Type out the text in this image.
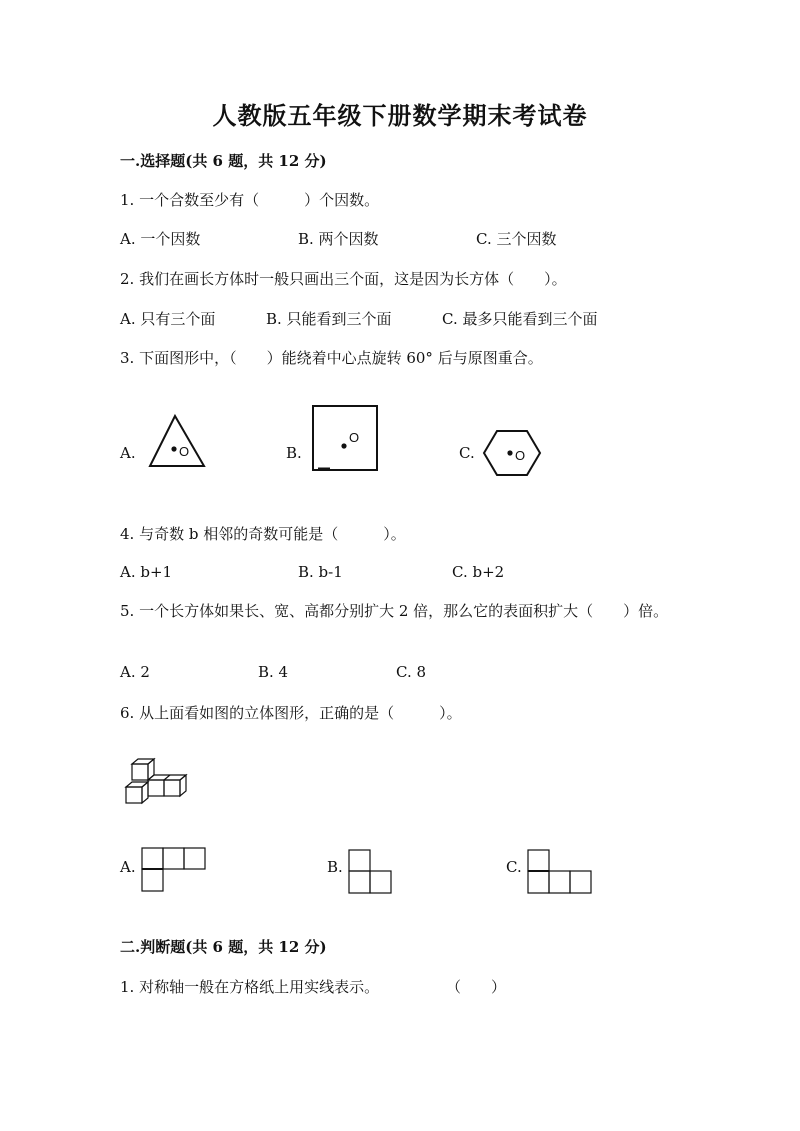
人教版五年级下册数学期末考试卷
一.选择题(共 6 题，共 12 分)
1. 一个合数至少有（　　　）个因数。
A. 一个因数	B. 两个因数	C. 三个因数
2. 我们在画长方体时一般只画出三个面，这是因为长方体（　　）。
A. 只有三个面	B. 只能看到三个面	C. 最多只能看到三个面
3. 下面图形中，（　　）能绕着中心点旋转 60° 后与原图重合。
A.	O	B.
O
C.	O
4. 与奇数 b 相邻的奇数可能是（　　　）。
A. b+1	B. b-1	C. b+2
5. 一个长方体如果长、宽、高都分别扩大 2 倍，那么它的表面积扩大（　　）倍。
A. 2	B. 4	C. 8
6. 从上面看如图的立体图形，正确的是（　　　）。
A.	B.	C.
二.判断题(共 6 题，共 12 分)
1. 对称轴一般在方格纸上用实线表示。	（　　）
